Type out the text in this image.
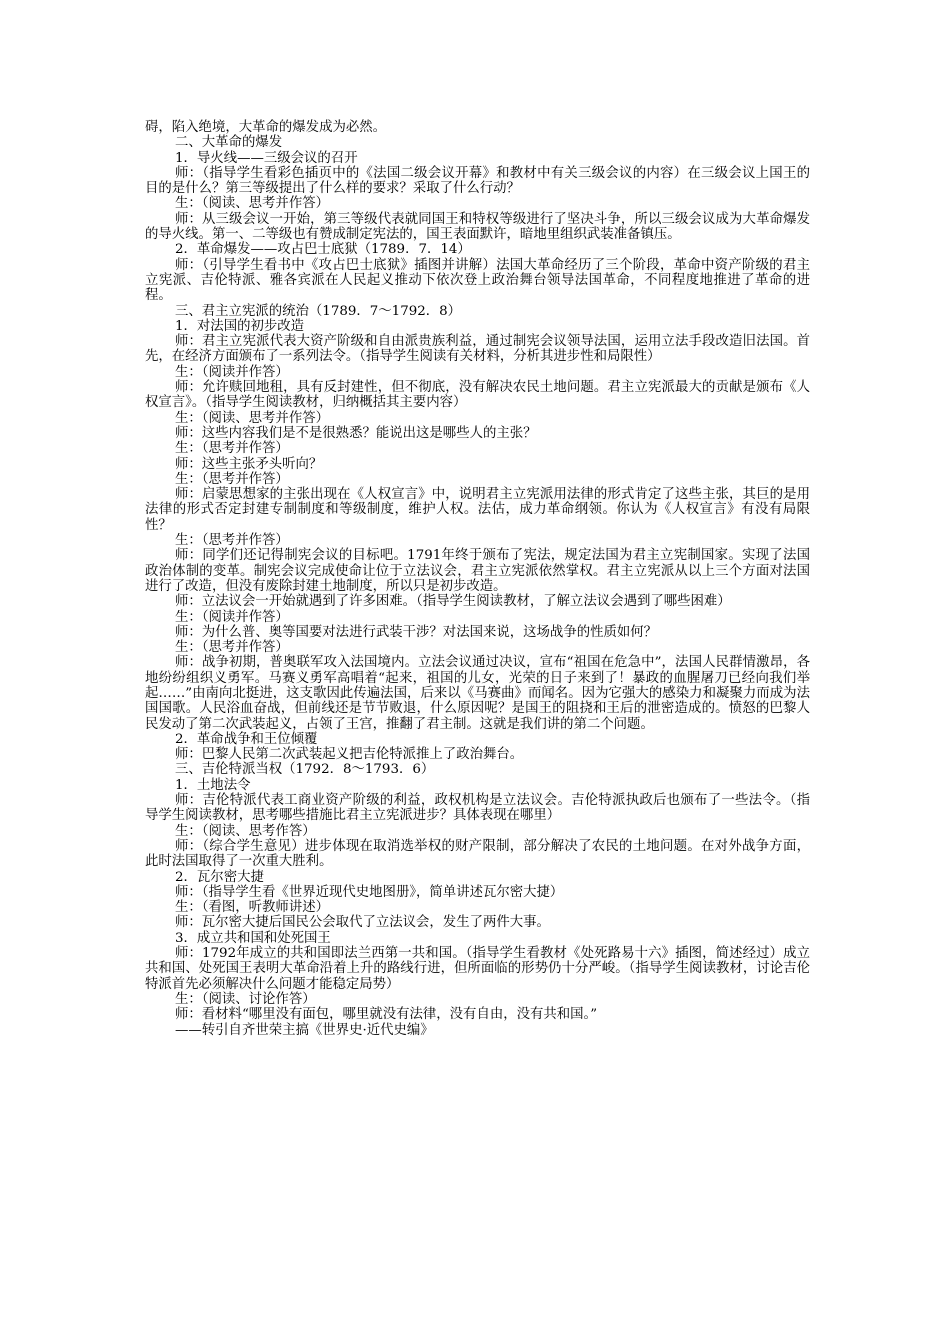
碍，陷入绝境，大革命的爆发成为必然。

二、大革命的爆发

1．导火线——三级会议的召开

师：（指导学生看彩色插页中的《法国二级会议开幕》和教材中有关三级会议的内容）在三级会议上国王的目的是什么？第三等级提出了什么样的要求？采取了什么行动？

生：（阅读、思考并作答）

师：从三级会议一开始，第三等级代表就同国王和特权等级进行了坚决斗争，所以三级会议成为大革命爆发的导火线。第一、二等级也有赞成制定宪法的，国王表面默许，暗地里组织武装准备镇压。

2．革命爆发——攻占巴士底狱（1789．7．14）

师：（引导学生看书中《攻占巴士底狱》插图并讲解）法国大革命经历了三个阶段，革命中资产阶级的君主立宪派、吉伦特派、雅各宾派在人民起义推动下依次登上政治舞台领导法国革命，不同程度地推进了革命的进程。

三、君主立宪派的统治（1789．7～1792．8）

1．对法国的初步改造

师：君主立宪派代表大资产阶级和自由派贵族利益，通过制宪会议领导法国，运用立法手段改造旧法国。首先，在经济方面颁布了一系列法令。（指导学生阅读有关材料，分析其进步性和局限性）

生：（阅读并作答）

师：允许赎回地租，具有反封建性，但不彻底，没有解决农民土地问题。君主立宪派最大的贡献是颁布《人权宣言》。（指导学生阅读教材，归纳概括其主要内容）

生：（阅读、思考并作答）

师：这些内容我们是不是很熟悉？能说出这是哪些人的主张？

生：（思考并作答）

师：这些主张矛头听向？

生：（思考并作答）

师：启蒙思想家的主张出现在《人权宣言》中，说明君主立宪派用法律的形式肯定了这些主张，其巨的是用法律的形式否定封建专制制度和等级制度，维护人权。法估，成力革命纲领。你认为《人权宣言》有没有局限性？

生：（思考并作答）

师：同学们还记得制宪会议的目标吧。1791年终于颁布了宪法，规定法国为君主立宪制国家。实现了法国政治体制的变革。制宪会议完成使命让位于立法议会，君主立宪派依然掌权。君主立宪派从以上三个方面对法国进行了改造，但没有废除封建土地制度，所以只是初步改造。

师：立法议会一开始就遇到了许多困难。（指导学生阅读教材，了解立法议会遇到了哪些困难）

生：（阅读并作答）

师：为什么普、奥等国要对法进行武装干涉？对法国来说，这场战争的性质如何？

生：（思考并作答）

师：战争初期，普奥联军攻入法国境内。立法会议通过决议，宣布“祖国在危急中”，法国人民群情激昂，各地纷纷组织义勇军。马赛义勇军高唱着“起来，祖国的儿女，光荣的日子来到了！暴政的血腥屠刀已经向我们举起……”由南向北挺进，这支歌因此传遍法国，后来以《马赛曲》而闻名。因为它强大的感染力和凝聚力而成为法国国歌。人民浴血奋战，但前线还是节节败退，什么原因呢？是国王的阻挠和王后的泄密造成的。愤怒的巴黎人民发动了第二次武装起义，占领了王宫，推翻了君主制。这就是我们讲的第二个问题。

2．革命战争和王位倾覆

师：巴黎人民第二次武装起义把吉伦特派推上了政治舞台。

三、吉伦特派当权（1792．8～1793．6）

1．土地法令

师：吉伦特派代表工商业资产阶级的利益，政权机构是立法议会。吉伦特派执政后也颁布了一些法令。（指导学生阅读教材，思考哪些措施比君主立宪派进步？具体表现在哪里）

生：（阅读、思考作答）

师：（综合学生意见）进步体现在取消选举权的财产限制，部分解决了农民的土地问题。在对外战争方面，此时法国取得了一次重大胜利。

2．瓦尔密大捷

师：（指导学生看《世界近现代史地图册》，简单讲述瓦尔密大捷）

生：（看图，听教师讲述）

师：瓦尔密大捷后国民公会取代了立法议会，发生了两件大事。

3．成立共和国和处死国王

师：1792年成立的共和国即法兰西第一共和国。（指导学生看教材《处死路易十六》插图，简述经过）成立共和国、处死国王表明大革命沿着上升的路线行进，但所面临的形势仍十分严峻。（指导学生阅读教材，讨论吉伦特派首先必须解决什么问题才能稳定局势）

生：（阅读、讨论作答）

师：看材料“哪里没有面包，哪里就没有法律，没有自由，没有共和国。”

——转引自齐世荣主搞《世界史·近代史编》
